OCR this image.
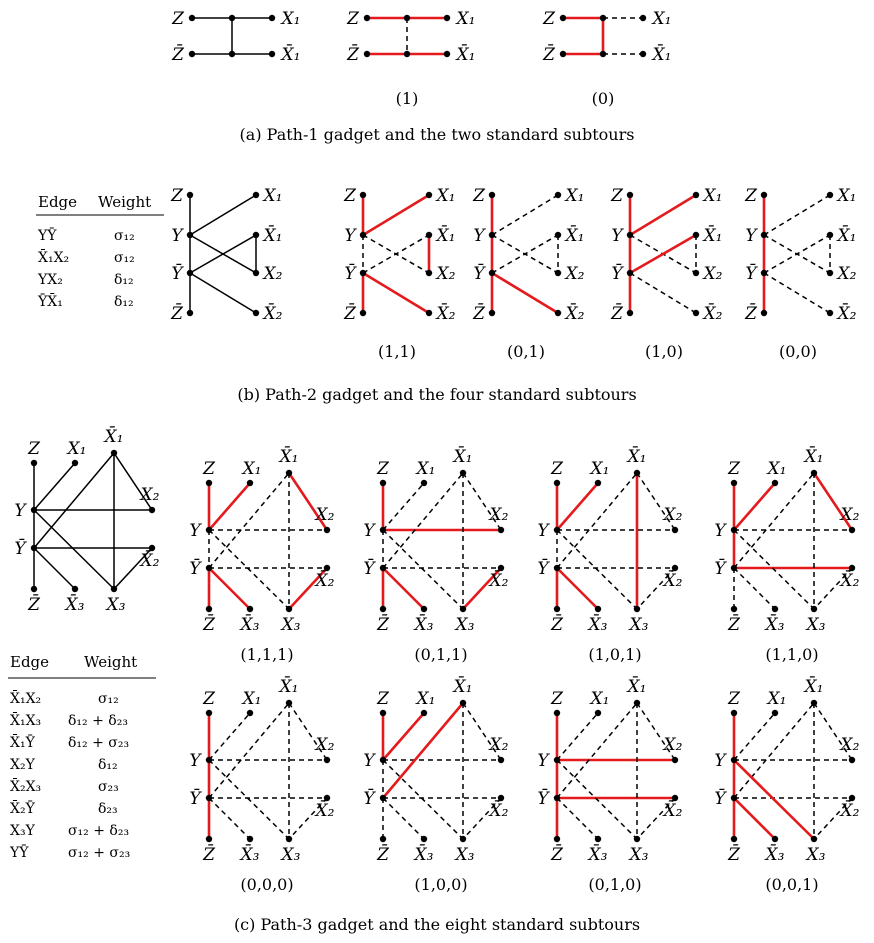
Z
Z̄
X₁
X̄₁
Z
Z̄
X₁
X̄₁
(1)
Z
Z̄
X₁
X̄₁
(0)
Z
Y
Ȳ
Z̄
X₁
X̄₁
X₂
X̄₂
Z
Y
Ȳ
Z̄
X₁
X̄₁
X₂
X̄₂
(1,1)
Z
Y
Ȳ
Z̄
X₁
X̄₁
X₂
X̄₂
(0,1)
Z
Y
Ȳ
Z̄
X₁
X̄₁
X₂
X̄₂
(1,0)
Z
Y
Ȳ
Z̄
X₁
X̄₁
X₂
X̄₂
(0,0)
Z X₁
X̄₁
X₂
Y
Ȳ
X̄₂
Z̄ X̄₃ X₃
Z X₁
X̄₁
X₂
Y
Ȳ
X̄₂
Z̄ X̄₃ X₃
(1,1,1)
Z X₁
X̄₁
X₂
Y
Ȳ
X̄₂
Z̄ X̄₃ X₃
(0,1,1)
Z X₁
X̄₁
X₂
Y
Ȳ
X̄₂
Z̄ X̄₃ X₃
(1,0,1)
Z X₁
X̄₁
X₂
Y
Ȳ
X̄₂
Z̄ X̄₃ X₃
(1,1,0)
Z X₁
X̄₁
X₂
Y
Ȳ
X̄₂
Z̄ X̄₃ X₃
(0,0,0)
Z X₁
X̄₁
X₂
Y
Ȳ
X̄₂
Z̄ X̄₃ X₃
(1,0,0)
Z X₁
X̄₁
X₂
Y
Ȳ
X̄₂
Z̄ X̄₃ X₃
(0,1,0)
Z X₁
X̄₁
X₂
Y
Ȳ
X̄₂
Z̄ X̄₃ X₃
(0,0,1)
(a) Path-1 gadget and the two standard subtours
(b) Path-2 gadget and the four standard subtours
(c) Path-3 gadget and the eight standard subtours
Edge Weight
YȲ	σ₁₂
X̄₁X₂	σ₁₂
YX₂	δ₁₂
ȲX̄₁	δ₁₂
Edge Weight
X̄₁X₂	σ₁₂
X̄₁X₃ δ₁₂ + δ₂₃
X̄₁Ȳ δ₁₂ + σ₂₃
X₂Y	δ₁₂
X̄₂X₃	σ₂₃
X̄₂Ȳ	δ₂₃
X₃Y σ₁₂ + δ₂₃
YȲ	σ₁₂ + σ₂₃
